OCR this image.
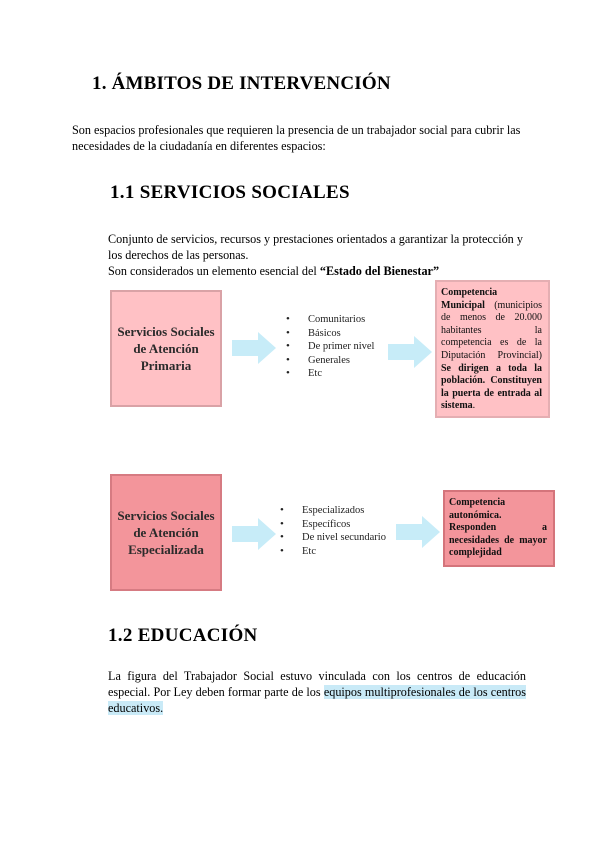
1. ÁMBITOS DE INTERVENCIÓN
Son espacios profesionales que requieren la presencia de un trabajador social para cubrir las necesidades de la ciudadanía en diferentes espacios:
1.1 SERVICIOS SOCIALES
Conjunto de servicios, recursos y prestaciones orientados a garantizar la protección y los derechos de las personas.
Son considerados un elemento esencial del “Estado del Bienestar”
Servicios Sociales de Atención Primaria
• Comunitarios
• Básicos
• De primer nivel
• Generales
• Etc
Competencia Municipal (municipios de menos de 20.000 habitantes la competencia es de la Diputación Provincial) Se dirigen a toda la población. Constituyen la puerta de entrada al sistema.
Servicios Sociales de Atención Especializada
• Especializados
• Específicos
• De nivel secundario
• Etc
Competencia autonómica. Responden a necesidades de mayor complejidad
1.2 EDUCACIÓN
La figura del Trabajador Social estuvo vinculada con los centros de educación especial. Por Ley deben formar parte de los equipos multiprofesionales de los centros educativos.
